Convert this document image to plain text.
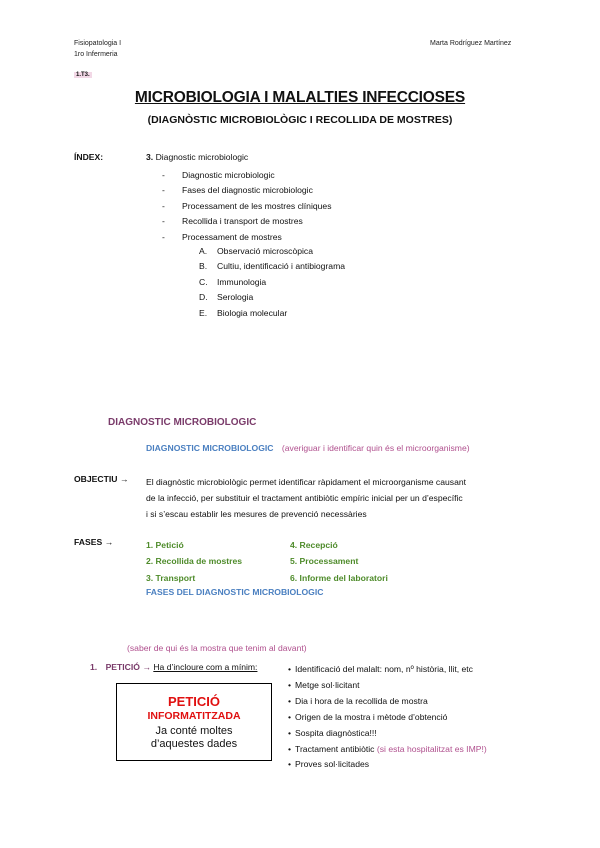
Fisiopatologia I
1ro Infermeria
Marta Rodríguez Martínez
1.T3.
MICROBIOLOGIA I MALALTIES INFECCIOSES
(DIAGNÒSTIC MICROBIOLÒGIC I RECOLLIDA DE MOSTRES)
ÍNDEX:	3. Diagnostic microbiologic
- Diagnostic microbiologic
- Fases del diagnostic microbiologic
- Processament de les mostres clíniques
- Recollida i transport de mostres
- Processament de mostres
A. Observació microscòpica
B. Cultiu, identificació i antibiograma
C. Immunologia
D. Serologia
E. Biologia molecular
DIAGNOSTIC MICROBIOLOGIC
DIAGNOSTIC MICROBIOLOGIC (averiguar i identificar quin és el microorganisme)
OBJECTIU → El diagnòstic microbiològic permet identificar ràpidament el microorganisme causant
de la infecció, per substituir el tractament antibiòtic empíric inicial per un d’específic
i si s’escau establir les mesures de prevenció necessàries
FASES →	1. Petició
2. Recollida de mostres
3. Transport
4. Recepció
5. Processament
6. Informe del laboratori
FASES DEL DIAGNOSTIC MICROBIOLOGIC
(saber de qui és la mostra que tenim al davant)
1. PETICIÓ → Ha d’incloure com a mínim:
•	Identificació del malalt: nom, nº història, llit, etc
• Metge sol·licitant
• Dia i hora de la recollida de mostra
• Origen de la mostra i mètode d’obtenció
• Sospita diagnòstica!!!
• Tractament antibiòtic (si esta hospitalitzat es IMP!)
• Proves sol·licitades
PETICIÓ
INFORMATITZADA
Ja conté moltes
d’aquestes dades
